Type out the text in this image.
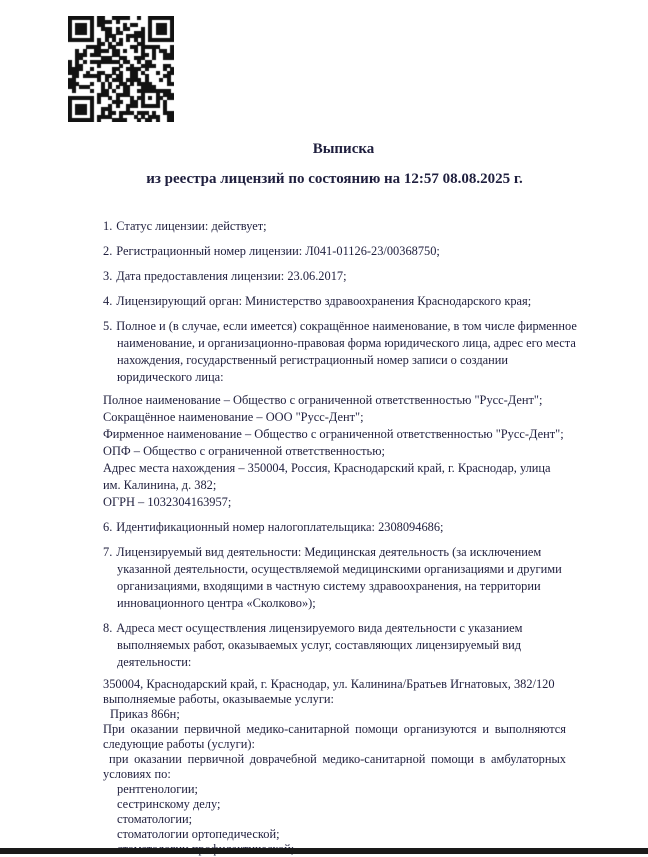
Выписка
из реестра лицензий по состоянию на 12:57 08.08.2025 г.
1. Статус лицензии: действует;
2. Регистрационный номер лицензии: Л041-01126-23/00368750;
3. Дата предоставления лицензии: 23.06.2017;
4. Лицензирующий орган: Министерство здравоохранения Краснодарского края;
5. Полное и (в случае, если имеется) сокращённое наименование, в том числе фирменное
наименование, и организационно-правовая форма юридического лица, адрес его места
нахождения, государственный регистрационный номер записи о создании
юридического лица:
Полное наименование – Общество с ограниченной ответственностью "Русс-Дент";
Сокращённое наименование – ООО "Русс-Дент";
Фирменное наименование – Общество с ограниченной ответственностью "Русс-Дент";
ОПФ – Общество с ограниченной ответственностью;
Адрес места нахождения – 350004, Россия, Краснодарский край, г. Краснодар, улица
им. Калинина, д. 382;
ОГРН – 1032304163957;
6. Идентификационный номер налогоплательщика: 2308094686;
7. Лицензируемый вид деятельности: Медицинская деятельность (за исключением
указанной деятельности, осуществляемой медицинскими организациями и другими
организациями, входящими в частную систему здравоохранения, на территории
инновационного центра «Сколково»);
8. Адреса мест осуществления лицензируемого вида деятельности с указанием
выполняемых работ, оказываемых услуг, составляющих лицензируемый вид
деятельности:
350004, Краснодарский край, г. Краснодар, ул. Калинина/Братьев Игнатовых, 382/120
выполняемые работы, оказываемые услуги:
Приказ 866н;
При оказании первичной медико-санитарной помощи организуются и выполняются
следующие работы (услуги):
при оказании первичной доврачебной медико-санитарной помощи в амбулаторных
условиях по:
рентгенологии;
сестринскому делу;
стоматологии;
стоматологии ортопедической;
